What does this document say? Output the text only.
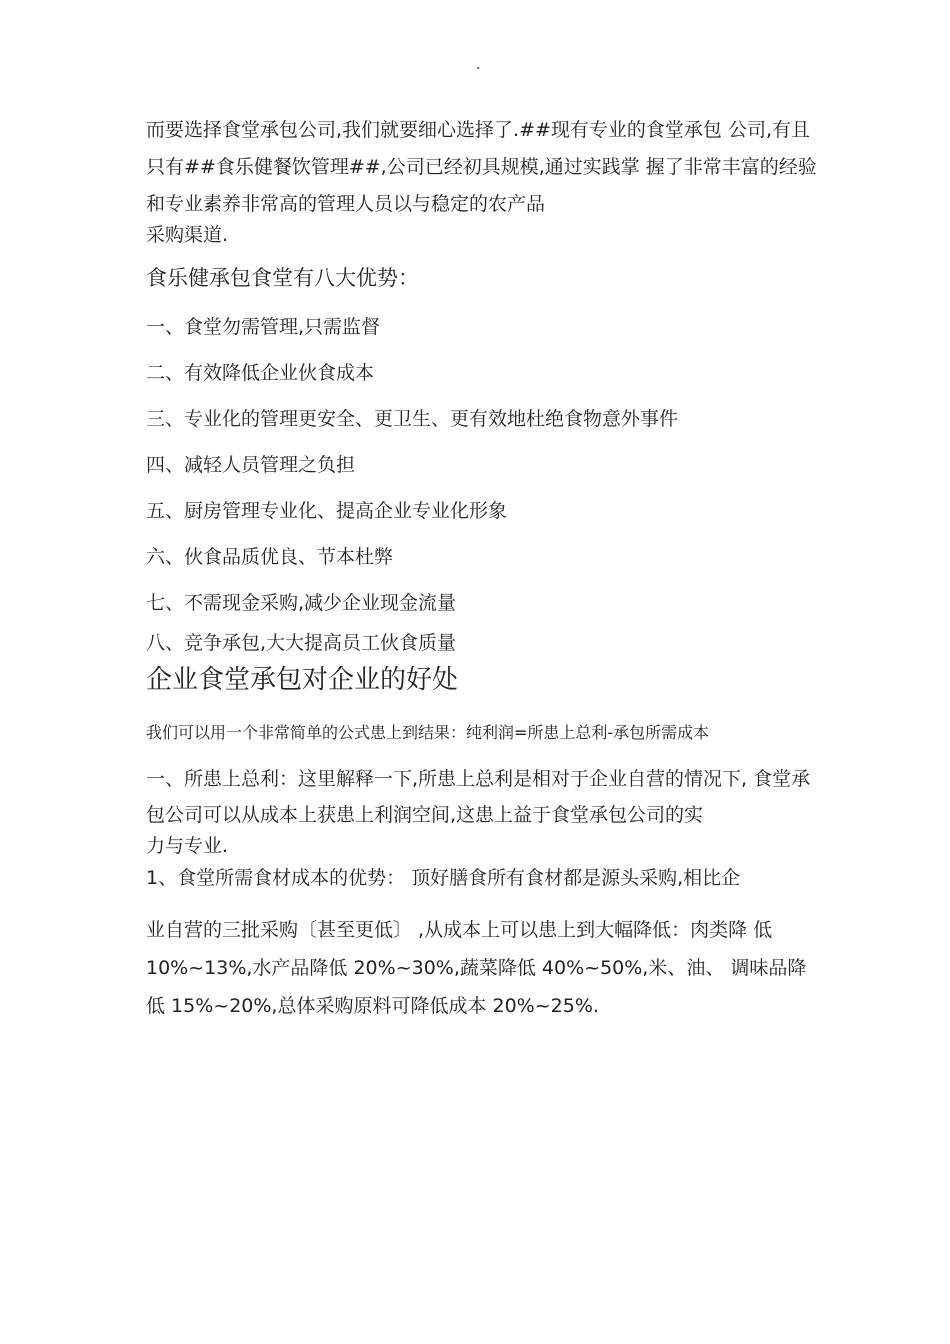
.

而要选择食堂承包公司,我们就要细心选择了.##现有专业的食堂承包 公司,有且只有##食乐健餐饮管理##,公司已经初具规模,通过实践掌 握了非常丰富的经验和专业素养非常高的管理人员以与稳定的农产品
采购渠道.

食乐健承包食堂有八大优势：
一、食堂勿需管理,只需监督
二、有效降低企业伙食成本
三、专业化的管理更安全、更卫生、更有效地杜绝食物意外事件
四、减轻人员管理之负担
五、厨房管理专业化、提高企业专业化形象
六、伙食品质优良、节本杜弊
七、不需现金采购,减少企业现金流量
八、竞争承包,大大提高员工伙食质量
企业食堂承包对企业的好处

我们可以用一个非常简单的公式患上到结果：纯利润=所患上总利-承包所需成本

一、所患上总利：这里解释一下,所患上总利是相对于企业自营的情况下, 食堂承包公司可以从成本上获患上利润空间,这患上益于食堂承包公司的实
力与专业.

1、食堂所需食材成本的优势： 顶好膳食所有食材都是源头采购,相比企

业自营的三批采购〔甚至更低〕 ,从成本上可以患上到大幅降低：肉类降 低 10%~13%,水产品降低 20%~30%,蔬菜降低 40%~50%,米、油、 调味品降低 15%~20%,总体采购原料可降低成本 20%~25%.
